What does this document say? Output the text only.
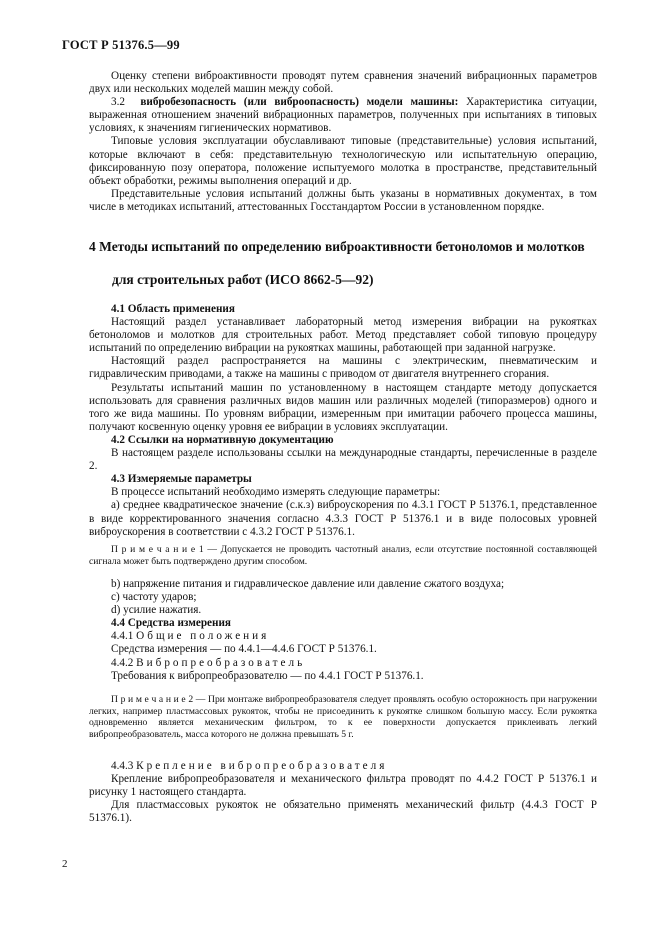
ГОСТ Р 51376.5—99

Оценку степени виброактивности проводят путем сравнения значений вибрационных параметров двух или нескольких моделей машин между собой.

3.2 вибробезопасность (или виброопасность) модели машины: Характеристика ситуации, выраженная отношением значений вибрационных параметров, полученных при испытаниях в типовых условиях, к значениям гигиенических нормативов.

Типовые условия эксплуатации обуславливают типовые (представительные) условия испытаний, которые включают в себя: представительную технологическую или испытательную операцию, фиксированную позу оператора, положение испытуемого молотка в пространстве, представительный объект обработки, режимы выполнения операций и др.

Представительные условия испытаний должны быть указаны в нормативных документах, в том числе в методиках испытаний, аттестованных Госстандартом России в установленном порядке.

4 Методы испытаний по определению виброактивности бетоноломов и молотков
для строительных работ (ИСО 8662-5—92)

4.1 Область применения

Настоящий раздел устанавливает лабораторный метод измерения вибрации на рукоятках бетоноломов и молотков для строительных работ. Метод представляет собой типовую процедуру испытаний по определению вибрации на рукоятках машины, работающей при заданной нагрузке.

Настоящий раздел распространяется на машины с электрическим, пневматическим и гидравлическим приводами, а также на машины с приводом от двигателя внутреннего сгорания.

Результаты испытаний машин по установленному в настоящем стандарте методу допускается использовать для сравнения различных видов машин или различных моделей (типоразмеров) одного и того же вида машины. По уровням вибрации, измеренным при имитации рабочего процесса машины, получают косвенную оценку уровня ее вибрации в условиях эксплуатации.

4.2 Ссылки на нормативную документацию

В настоящем разделе использованы ссылки на международные стандарты, перечисленные в разделе 2.

4.3 Измеряемые параметры

В процессе испытаний необходимо измерять следующие параметры:

а) среднее квадратическое значение (с.к.з) виброускорения по 4.3.1 ГОСТ Р 51376.1, представленное в виде корректированного значения согласно 4.3.3 ГОСТ Р 51376.1 и в виде полосовых уровней виброускорения в соответствии с 4.3.2 ГОСТ Р 51376.1.

П р и м е ч а н и е 1 — Допускается не проводить частотный анализ, если отсутствие постоянной составляющей сигнала может быть подтверждено другим способом.

b) напряжение питания и гидравлическое давление или давление сжатого воздуха;

c) частоту ударов;

d) усилие нажатия.

4.4 Средства измерения

4.4.1 Общие положения

Средства измерения — по 4.4.1—4.4.6 ГОСТ Р 51376.1.

4.4.2 Вибропреобразователь

Требования к вибропреобразователю — по 4.4.1 ГОСТ Р 51376.1.

П р и м е ч а н и е 2 — При монтаже вибропреобразователя следует проявлять особую осторожность при нагружении легких, например пластмассовых рукояток, чтобы не присоединить к рукоятке слишком большую массу. Если рукоятка одновременно является механическим фильтром, то к ее поверхности допускается приклеивать легкий вибропреобразователь, масса которого не должна превышать 5 г.

4.4.3 Крепление вибропреобразователя

Крепление вибропреобразователя и механического фильтра проводят по 4.4.2 ГОСТ Р 51376.1 и рисунку 1 настоящего стандарта.

Для пластмассовых рукояток не обязательно применять механический фильтр (4.4.3 ГОСТ Р 51376.1).

2
